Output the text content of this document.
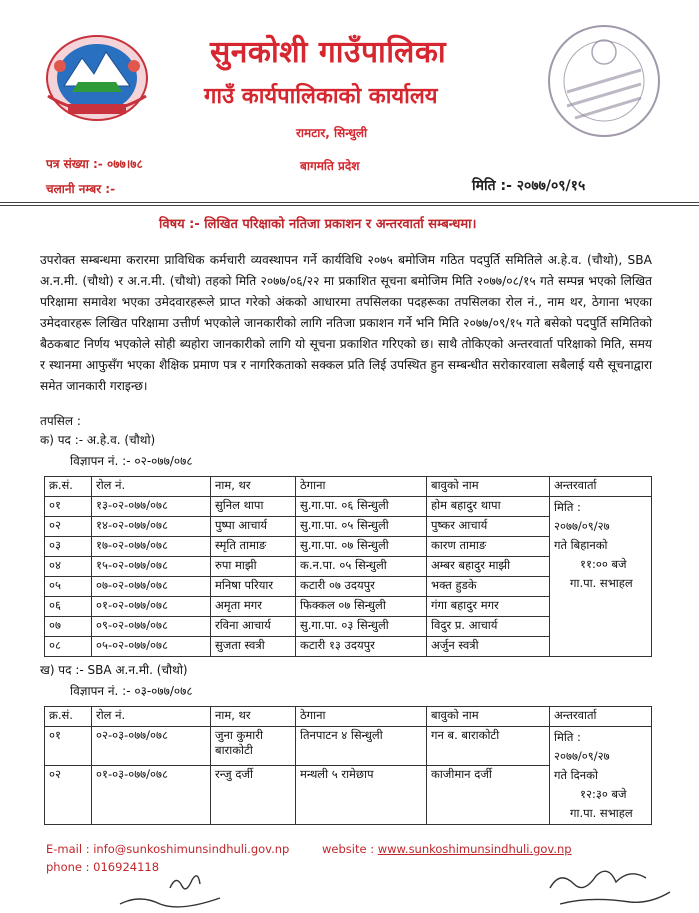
सुनकोशी गाउँपालिका
गाउँ कार्यपालिकाको कार्यालय
रामटार, सिन्धुली
बागमति प्रदेश
पत्र संख्या :- ०७७।७८
चलानी नम्बर :-	मिति :- २०७७/०९/१५
विषय :- लिखित परिक्षाको नतिजा प्रकाशन र अन्तरवार्ता सम्बन्धमा।
उपरोक्त सम्बन्धमा करारमा प्राविधिक कर्मचारी व्यवस्थापन गर्ने कार्यविधि २०७५ बमोजिम गठित पदपुर्ति समितिले अ.हे.व. (चौथो), SBA अ.न.मी. (चौथो) र अ.न.मी. (चौथो) तहको मिति २०७७/०६/२२ मा प्रकाशित सूचना बमोजिम मिति २०७७/०८/१५ गते सम्पन्न भएको लिखित परिक्षामा समावेश भएका उमेदवारहरूले प्राप्त गरेको अंकको आधारमा तपसिलका पदहरूका तपसिलका रोल नं., नाम थर, ठेगाना भएका उमेदवारहरू लिखित परिक्षामा उत्तीर्ण भएकोले जानकारीको लागि नतिजा प्रकाशन गर्ने भनि मिति २०७७/०९/१५ गते बसेको पदपुर्ति समितिको बैठकबाट निर्णय भएकोले सोही ब्यहोरा जानकारीको लागि यो सूचना प्रकाशित गरिएको छ। साथै तोकिएको अन्तरवार्ता परिक्षाको मिति, समय र स्थानमा आफुसँग भएका शैक्षिक प्रमाण पत्र र नागरिकताको सक्कल प्रति लिई उपस्थित हुन सम्बन्धीत सरोकारवाला सबैलाई यसै सूचनाद्वारा समेत जानकारी गराइन्छ।
तपसिल :
क) पद :- अ.हे.व. (चौथो)
विज्ञापन नं. :- ०२-०७७/०७८
क्र.सं.	रोल नं.	नाम, थर	ठेगाना	बावुको नाम	अन्तरवार्ता
०१	१३-०२-०७७/०७८	सुनिल थापा	सु.गा.पा. ०६ सिन्धुली	होम बहादुर थापा	मिति :
२०७७/०९/२७
गते बिहानको
११:०० बजे
गा.पा. सभाहल

०२	१४-०२-०७७/०७८	पुष्पा आचार्य	सु.गा.पा. ०५ सिन्धुली	पुष्कर आचार्य	
०३	१७-०२-०७७/०७८	स्मृति तामाङ	सु.गा.पा. ०७ सिन्धुली	कारण तामाङ	
०४	१५-०२-०७७/०७८	रुपा माझी	क.न.पा. ०५ सिन्धुली	अम्बर बहादुर माझी	
०५	०७-०२-०७७/०७८	मनिषा परियार	कटारी ०७ उदयपुर	भक्त हुडके	
०६	०१-०२-०७७/०७८	अमृता मगर	फिक्कल ०७ सिन्धुली	गंगा बहादुर मगर	
०७	०९-०२-०७७/०७८	रविना आचार्य	सु.गा.पा. ०३ सिन्धुली	विदुर प्र. आचार्य	
०८	०५-०२-०७७/०७८	सुजता स्वत्री	कटारी १३ उदयपुर	अर्जुन स्वत्री	
ख) पद :- SBA अ.न.मी. (चौथो)
विज्ञापन नं. :- ०३-०७७/०७८
क्र.सं.	रोल नं.	नाम, थर	ठेगाना	बावुको नाम	अन्तरवार्ता
०१	०२-०३-०७७/०७८	जुना कुमारी बाराकोटी	तिनपाटन ४ सिन्धुली	गन ब. बाराकोटी	मिति :
२०७७/०९/२७
गते दिनको
१२:३० बजे
गा.पा. सभाहल

०२	०१-०३-०७७/०७८	रन्जु दर्जी	मन्थली ५ रामेछाप	काजीमान दर्जी	
E-mail : info@sunkoshimunsindhuli.gov.np
phone : 016924118
website : www.sunkoshimunsindhuli.gov.np
